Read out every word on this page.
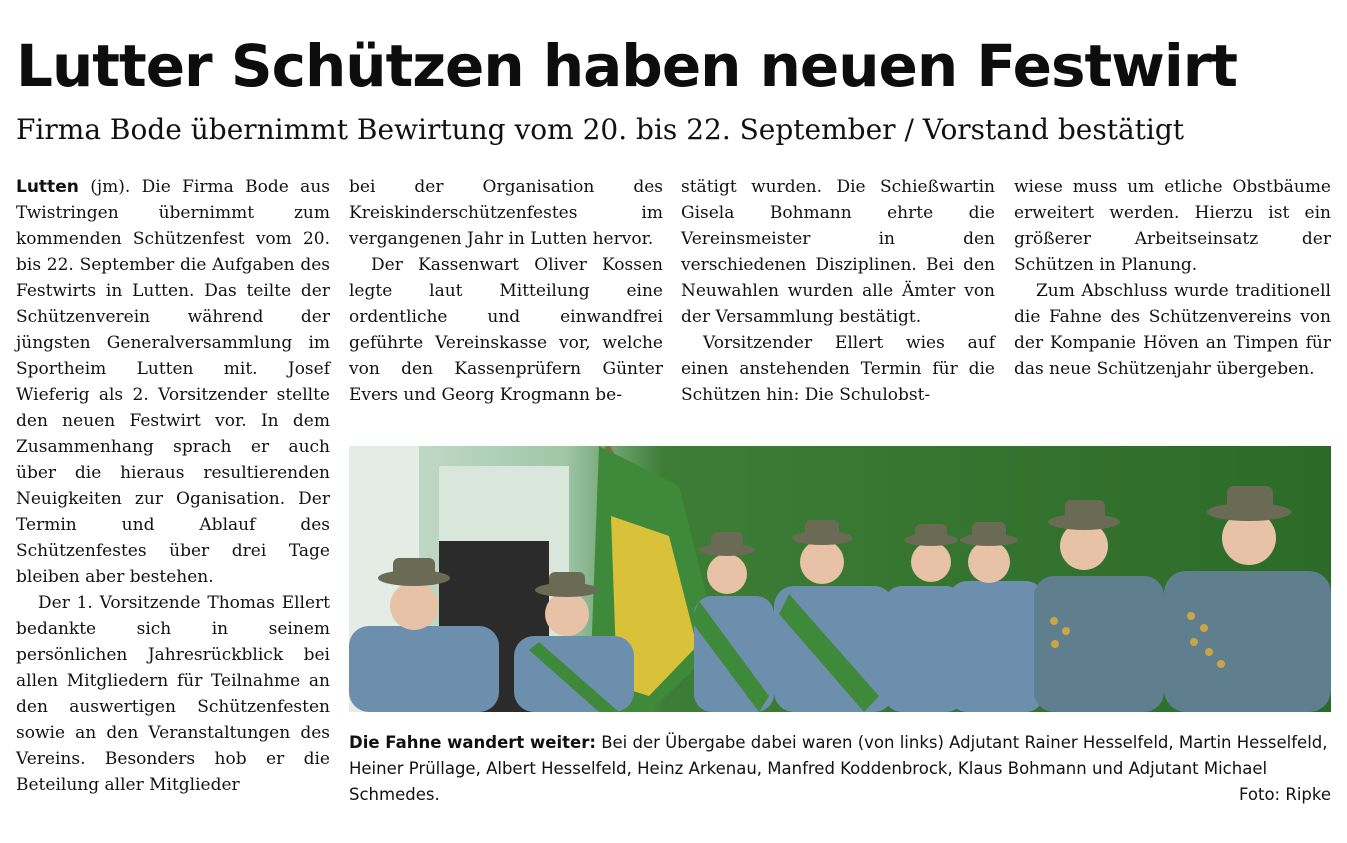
Lutter Schützen haben neuen Festwirt
Firma Bode übernimmt Bewirtung vom 20. bis 22. September / Vorstand bestätigt

Lutten (jm). Die Firma Bode aus Twistringen übernimmt zum kommenden Schützenfest vom 20. bis 22. September die Aufgaben des Festwirts in Lutten. Das teilte der Schützenverein während der jüngsten Generalversammlung im Sportheim Lutten mit. Josef Wieferig als 2. Vorsitzender stellte den neuen Festwirt vor. In dem Zusammenhang sprach er auch über die hieraus resultierenden Neuigkeiten zur Oganisation. Der Termin und Ablauf des Schützenfestes über drei Tage bleiben aber bestehen.

Der 1. Vorsitzende Thomas Ellert bedankte sich in seinem persönlichen Jahresrückblick bei allen Mitgliedern für Teilnahme an den auswertigen Schützenfesten sowie an den Veranstaltungen des Vereins. Besonders hob er die Beteilung aller Mitglieder

bei der Organisation des Kreiskinderschützenfestes im vergangenen Jahr in Lutten hervor.

Der Kassenwart Oliver Kossen legte laut Mitteilung eine ordentliche und einwandfrei geführte Vereinskasse vor, welche von den Kassenprüfern Günter Evers und Georg Krogmann be-

stätigt wurden. Die Schießwartin Gisela Bohmann ehrte die Vereinsmeister in den verschiedenen Disziplinen. Bei den Neuwahlen wurden alle Ämter von der Versammlung bestätigt.

Vorsitzender Ellert wies auf einen anstehenden Termin für die Schützen hin: Die Schulobst-

wiese muss um etliche Obstbäume erweitert werden. Hierzu ist ein größerer Arbeitseinsatz der Schützen in Planung.

Zum Abschluss wurde traditionell die Fahne des Schützenvereins von der Kompanie Höven an Timpen für das neue Schützenjahr übergeben.

Die Fahne wandert weiter: Bei der Übergabe dabei waren (von links) Adjutant Rainer Hesselfeld, Martin Hesselfeld, Heiner Prüllage, Albert Hesselfeld, Heinz Arkenau, Manfred Koddenbrock, Klaus Bohmann und Adjutant Michael Schmedes.	Foto: Ripke
